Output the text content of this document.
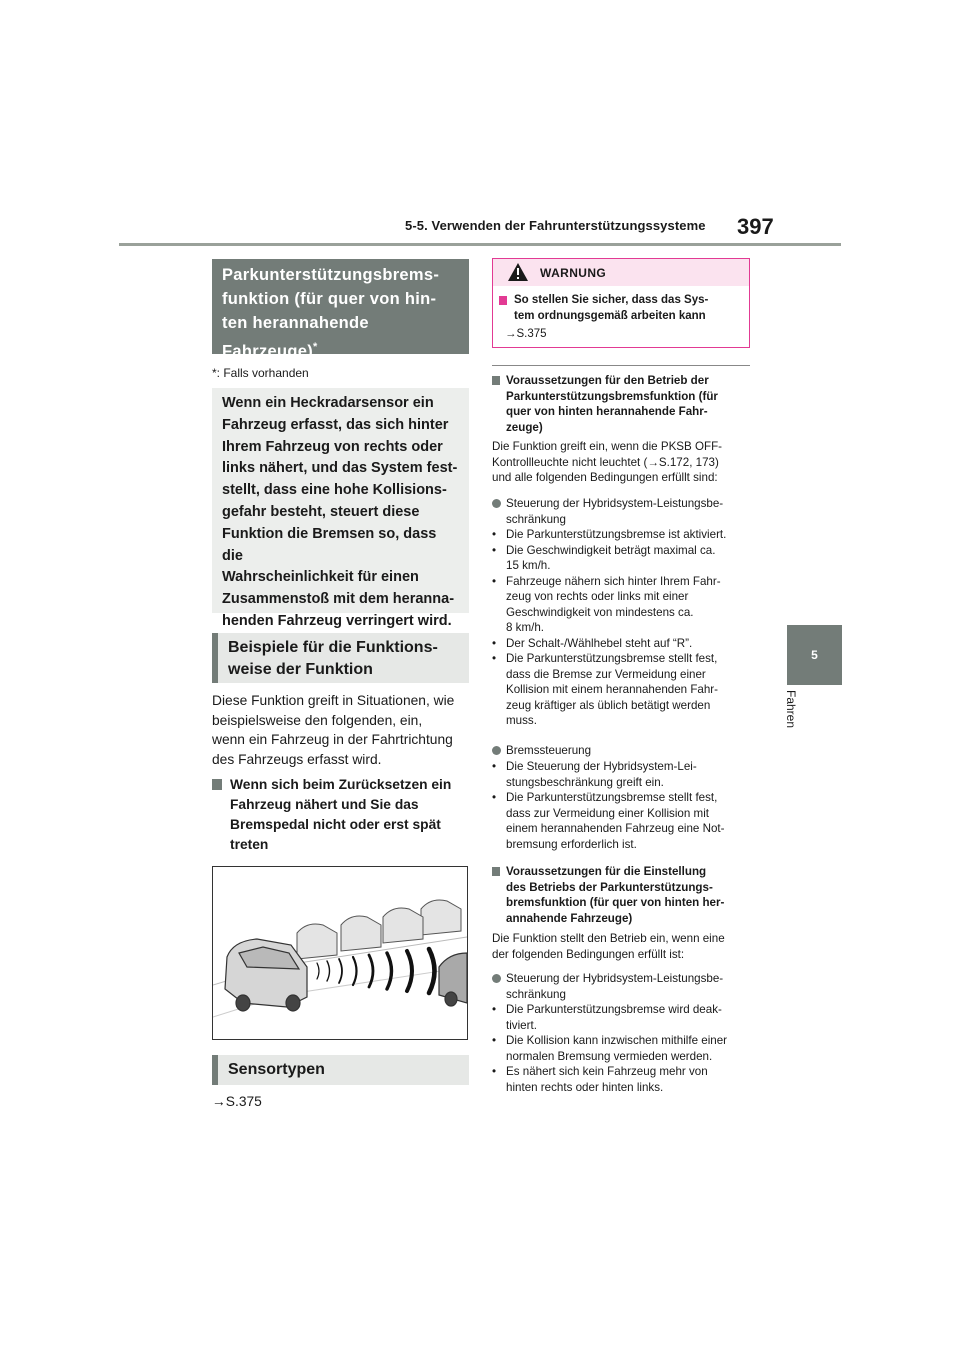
5-5. Verwenden der Fahrunterstützungssysteme 397
5
Fahren
Parkunterstützungsbrems-
funktion (für quer von hin-
ten herannahende
Fahrzeuge)*
*: Falls vorhanden
Wenn ein Heckradarsensor ein
Fahrzeug erfasst, das sich hinter
Ihrem Fahrzeug von rechts oder
links nähert, und das System fest-
stellt, dass eine hohe Kollisions-
gefahr besteht, steuert diese
Funktion die Bremsen so, dass die
Wahrscheinlichkeit für einen
Zusammenstoß mit dem heranna-
henden Fahrzeug verringert wird.
Beispiele für die Funktions-
weise der Funktion
Diese Funktion greift in Situationen, wie
beispielsweise den folgenden, ein,
wenn ein Fahrzeug in der Fahrtrichtung
des Fahrzeugs erfasst wird.
Wenn sich beim Zurücksetzen ein
Fahrzeug nähert und Sie das
Bremspedal nicht oder erst spät
treten
Sensortypen
→S.375
WARNUNG
So stellen Sie sicher, dass das Sys-
tem ordnungsgemäß arbeiten kann
→S.375
Voraussetzungen für den Betrieb der
Parkunterstützungsbremsfunktion (für
quer von hinten herannahende Fahr-
zeuge)
Die Funktion greift ein, wenn die PKSB OFF-
Kontrollleuchte nicht leuchtet (→S.172, 173)
und alle folgenden Bedingungen erfüllt sind:
Steuerung der Hybridsystem-Leistungsbe-
schränkung
• Die Parkunterstützungsbremse ist aktiviert.
• Die Geschwindigkeit beträgt maximal ca.
15 km/h.
• Fahrzeuge nähern sich hinter Ihrem Fahr-
zeug von rechts oder links mit einer
Geschwindigkeit von mindestens ca.
8 km/h.
• Der Schalt-/Wählhebel steht auf “R”.
• Die Parkunterstützungsbremse stellt fest,
dass die Bremse zur Vermeidung einer
Kollision mit einem herannahenden Fahr-
zeug kräftiger als üblich betätigt werden
muss.
Bremssteuerung
• Die Steuerung der Hybridsystem-Lei-
stungsbeschränkung greift ein.
• Die Parkunterstützungsbremse stellt fest,
dass zur Vermeidung einer Kollision mit
einem herannahenden Fahrzeug eine Not-
bremsung erforderlich ist.
Voraussetzungen für die Einstellung
des Betriebs der Parkunterstützungs-
bremsfunktion (für quer von hinten her-
annahende Fahrzeuge)
Die Funktion stellt den Betrieb ein, wenn eine
der folgenden Bedingungen erfüllt ist:
Steuerung der Hybridsystem-Leistungsbe-
schränkung
• Die Parkunterstützungsbremse wird deak-
tiviert.
• Die Kollision kann inzwischen mithilfe einer
normalen Bremsung vermieden werden.
• Es nähert sich kein Fahrzeug mehr von
hinten rechts oder hinten links.
